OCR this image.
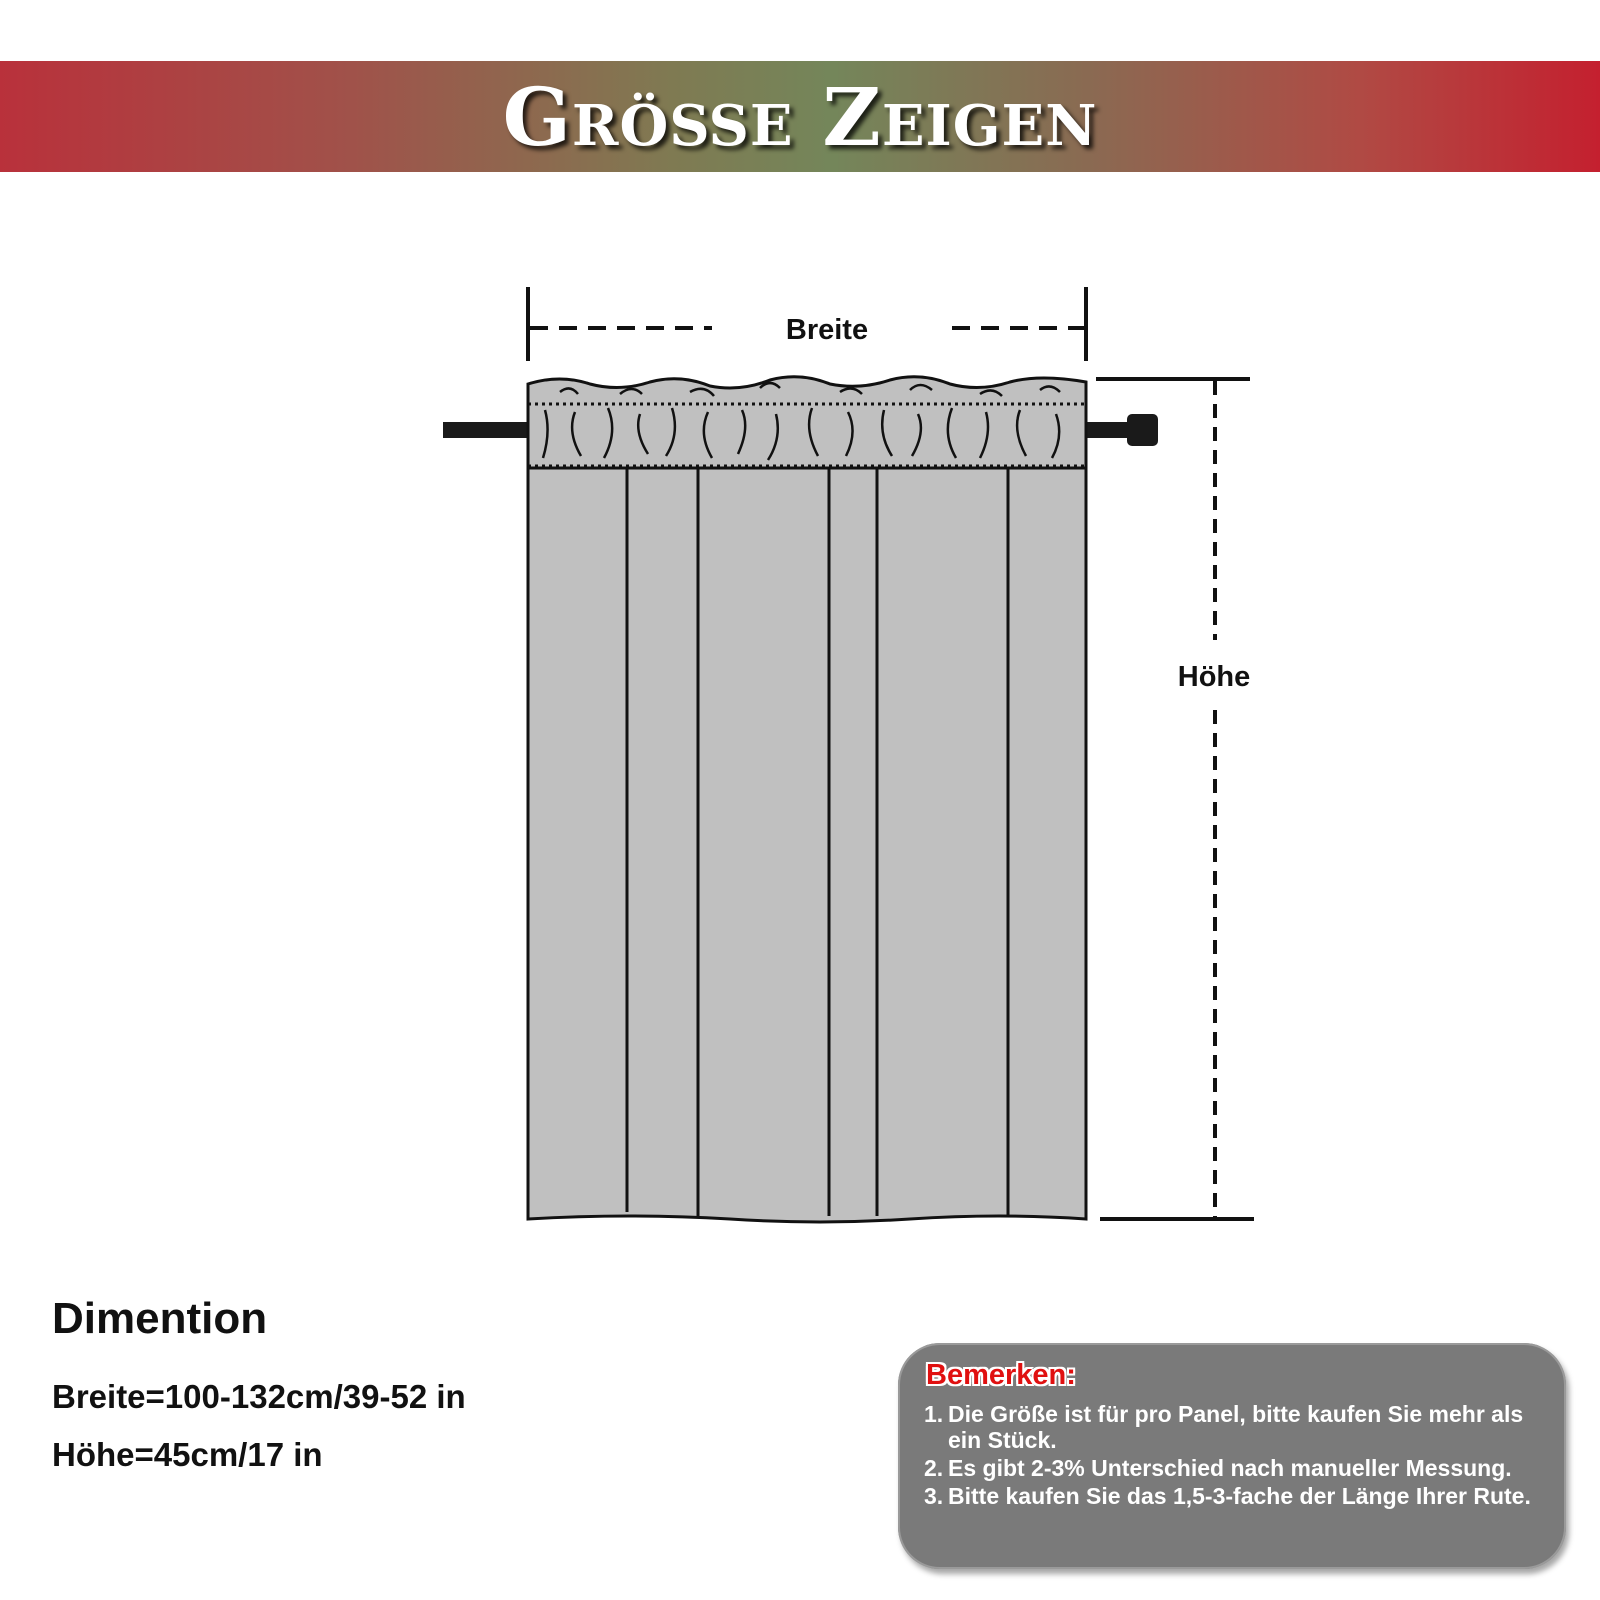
Größe Zeigen
Breite
Höhe
Dimention
Breite=100-132cm/39-52 in
Höhe=45cm/17 in
Bemerken:
1. Die Größe ist für pro Panel, bitte kaufen Sie mehr als ein Stück.
2. Es gibt 2-3% Unterschied nach manueller Messung.
3. Bitte kaufen Sie das 1,5-3-fache der Länge Ihrer Rute.
